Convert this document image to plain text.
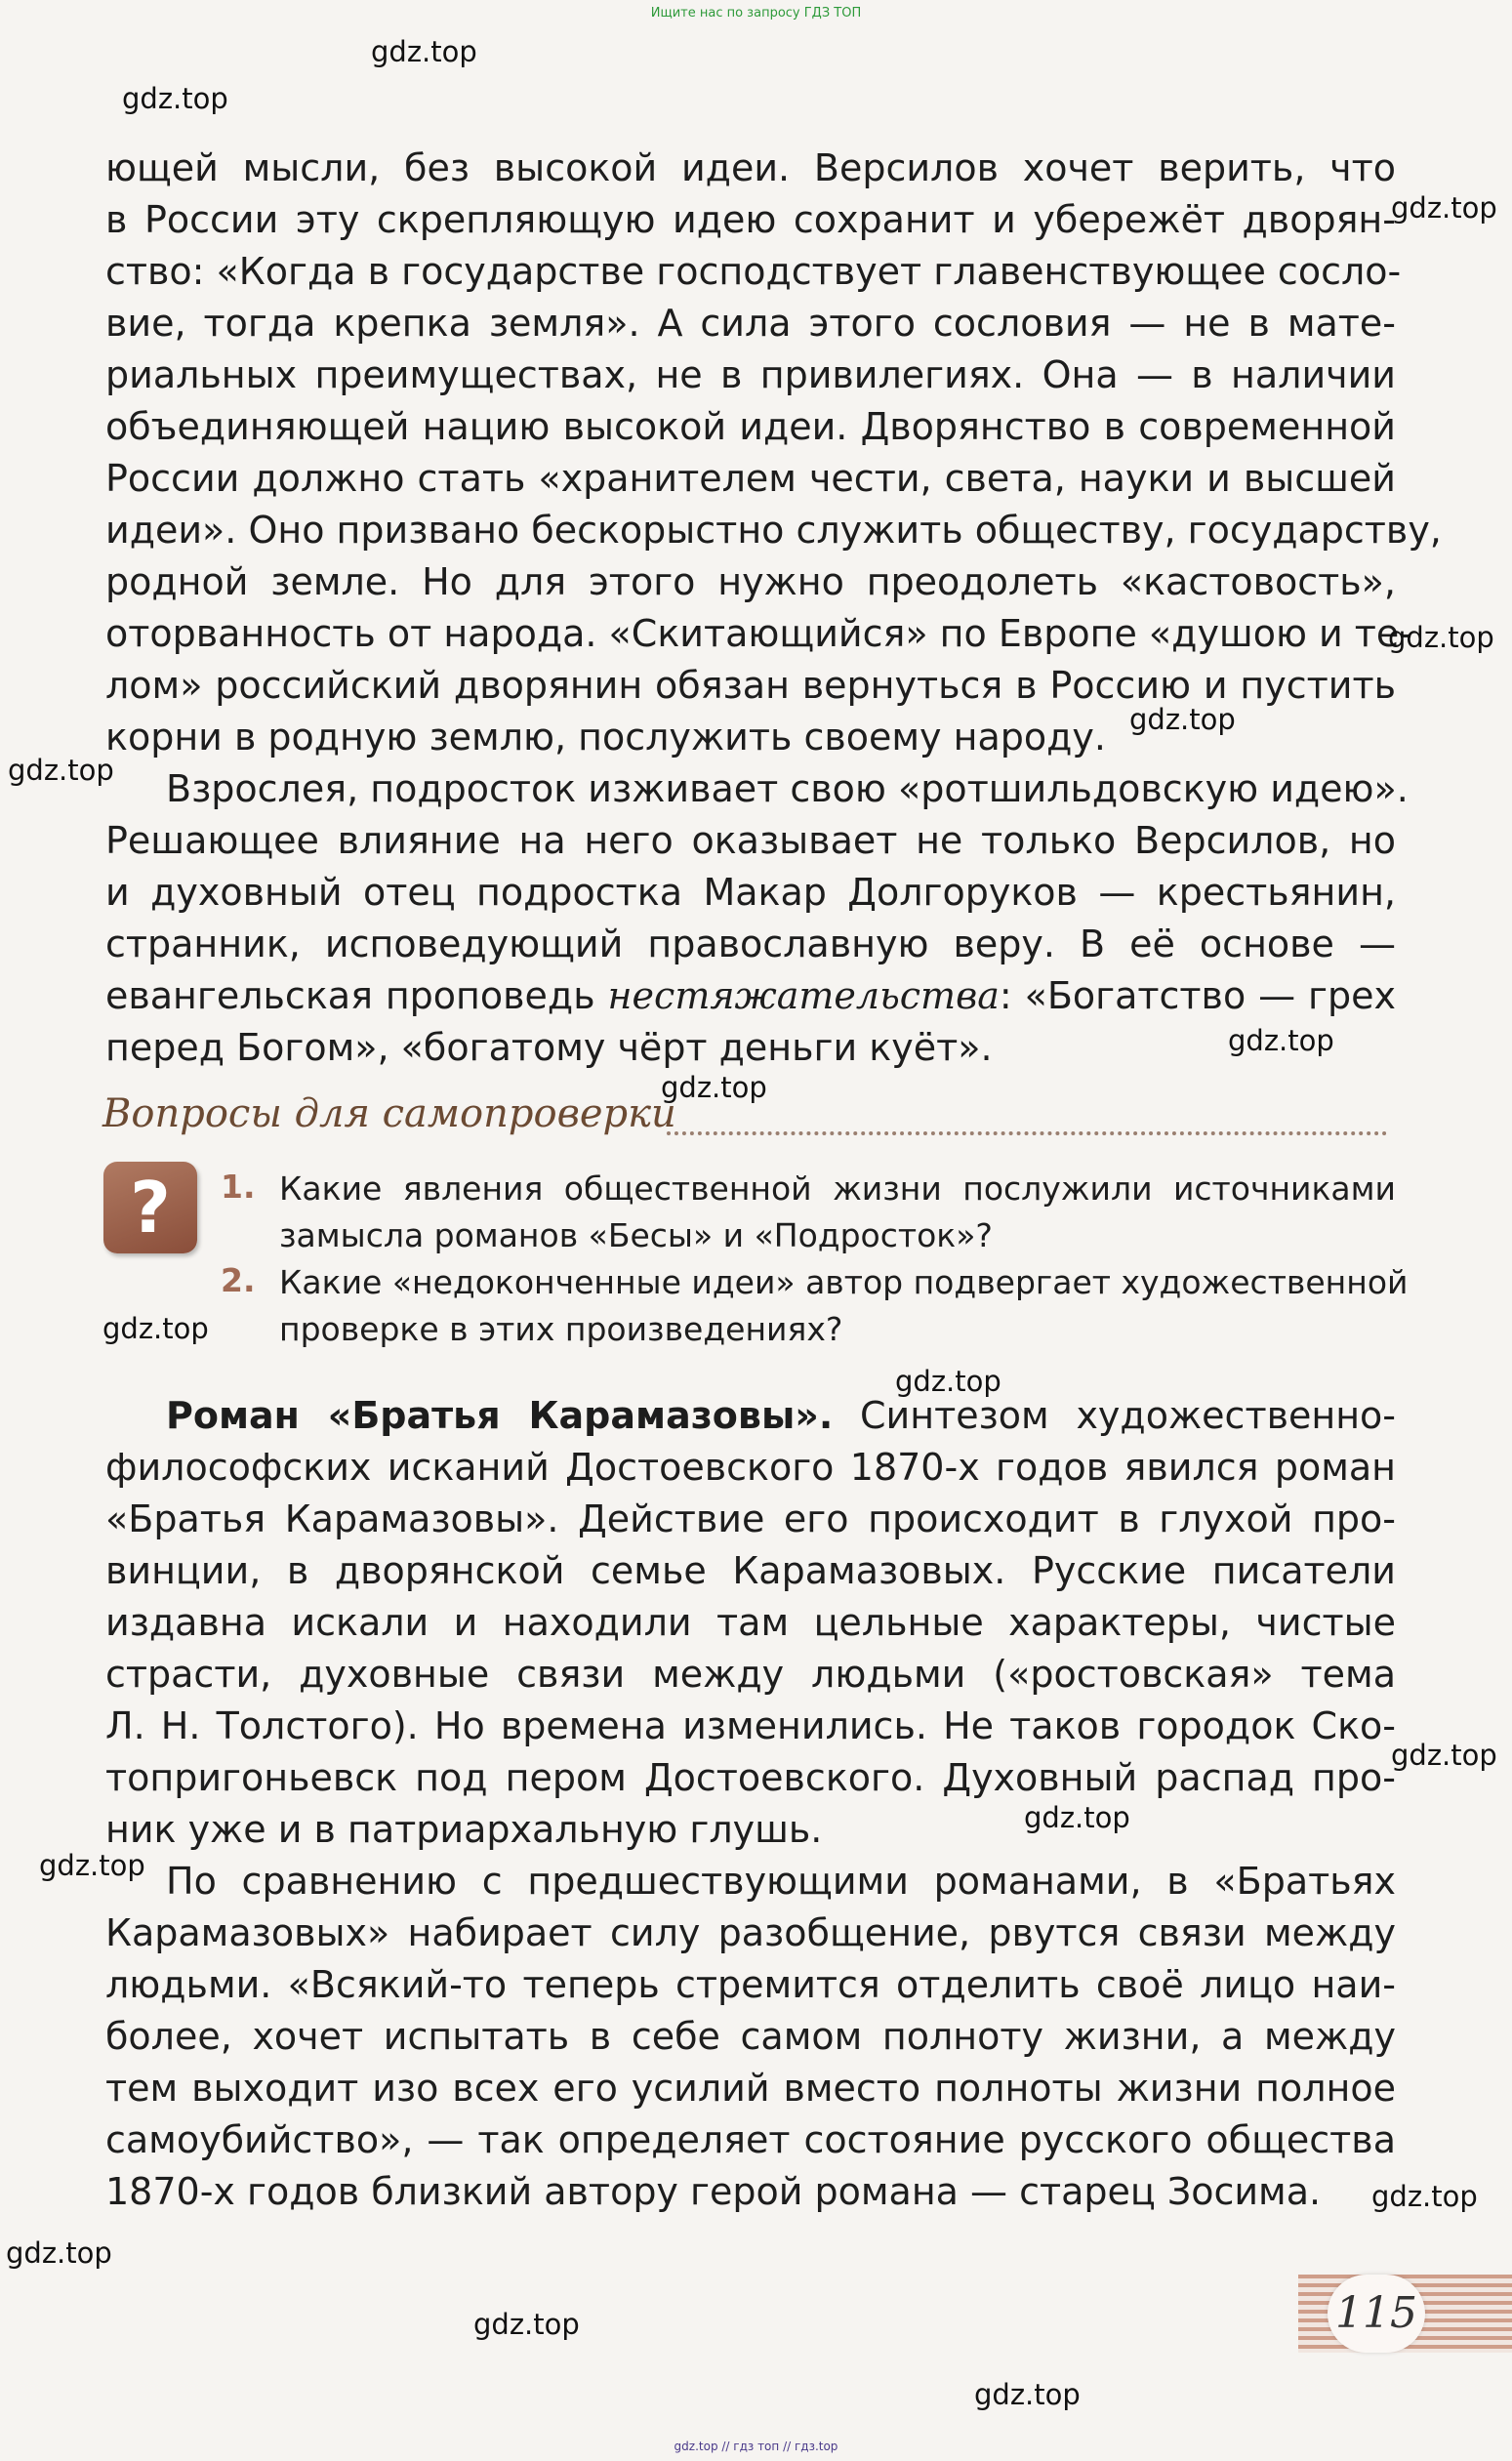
Ищите нас по запросу ГДЗ ТОП
ющей мысли, без высокой идеи. Версилов хочет верить, что
в России эту скрепляющую идею сохранит и убережёт дворян-
ство: «Когда в государстве господствует главенствующее сосло-
вие, тогда крепка земля». А сила этого сословия — не в мате-
риальных преимуществах, не в привилегиях. Она — в наличии
объединяющей нацию высокой идеи. Дворянство в современной
России должно стать «хранителем чести, света, науки и высшей
идеи». Оно призвано бескорыстно служить обществу, государству,
родной земле. Но для этого нужно преодолеть «кастовость»,
оторванность от народа. «Скитающийся» по Европе «душою и те-
лом» российский дворянин обязан вернуться в Россию и пустить
корни в родную землю, послужить своему народу.
Взрослея, подросток изживает свою «ротшильдовскую идею».
Решающее влияние на него оказывает не только Версилов, но
и духовный отец подростка Макар Долгоруков — крестьянин,
странник, исповедующий православную веру. В её основе —
евангельская проповедь нестяжательства: «Богатство — грех
перед Богом», «богатому чёрт деньги куёт».
Вопросы для самопроверки
?	1. Какие явления общественной жизни послужили источниками
замысла романов «Бесы» и «Подросток»?
2. Какие «недоконченные идеи» автор подвергает художественной
проверке в этих произведениях?
Роман «Братья Карамазовы». Синтезом художественно-
философских исканий Достоевского 1870-х годов явился роман
«Братья Карамазовы». Действие его происходит в глухой про-
винции, в дворянской семье Карамазовых. Русские писатели
издавна искали и находили там цельные характеры, чистые
страсти, духовные связи между людьми («ростовская» тема
Л. Н. Толстого). Но времена изменились. Не таков городок Ско-
топригоньевск под пером Достоевского. Духовный распад про-
ник уже и в патриархальную глушь.
По сравнению с предшествующими романами, в «Братьях
Карамазовых» набирает силу разобщение, рвутся связи между
людьми. «Всякий-то теперь стремится отделить своё лицо наи-
более, хочет испытать в себе самом полноту жизни, а между
тем выходит изо всех его усилий вместо полноты жизни полное
самоубийство», — так определяет состояние русского общества
1870-х годов близкий автору герой романа — старец Зосима.
115
gdz.top
gdz.top
gdz.top
gdz.top
gdz.top
gdz.top
gdz.top
gdz.top
gdz.top
gdz.top
gdz.top
gdz.top
gdz.top
gdz.top
gdz.top
gdz.top
gdz.top
gdz.top // гдз топ // гдз.top
